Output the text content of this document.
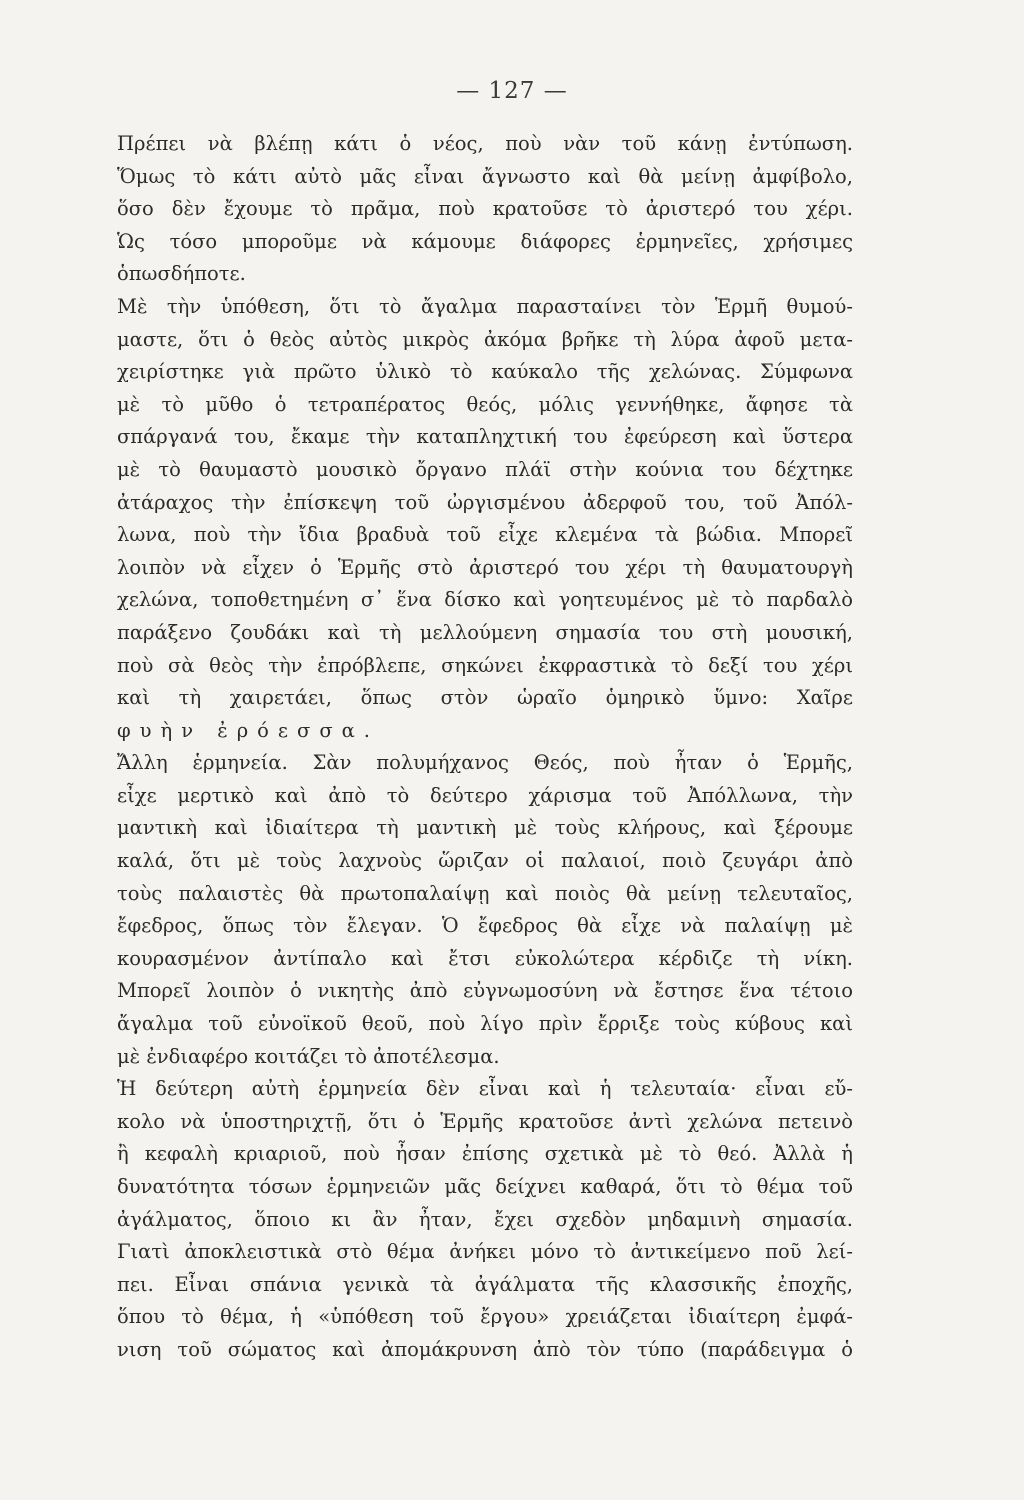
— 127 —
Πρέπει νὰ βλέπῃ κάτι ὁ νέος, ποὺ νὰν τοῦ κάνῃ ἐντύπωση.
Ὅμως τὸ κάτι αὐτὸ μᾶς εἶναι ἄγνωστο καὶ θὰ μείνῃ ἀμφίβολο,
ὅσο δὲν ἔχουμε τὸ πρᾶμα, ποὺ κρατοῦσε τὸ ἀριστερό του χέρι.
Ὡς τόσο μποροῦμε νὰ κάμουμε διάφορες ἑρμηνεῖες, χρήσιμες
ὁπωσδήποτε.
Μὲ τὴν ὑπόθεση, ὅτι τὸ ἄγαλμα παρασταίνει τὸν Ἑρμῆ θυμού-
μαστε, ὅτι ὁ θεὸς αὐτὸς μικρὸς ἀκόμα βρῆκε τὴ λύρα ἀφοῦ μετα-
χειρίστηκε γιὰ πρῶτο ὑλικὸ τὸ καύκαλο τῆς χελώνας. Σύμφωνα
μὲ τὸ μῦθο ὁ τετραπέρατος θεός, μόλις γεννήθηκε, ἄφησε τὰ
σπάργανά του, ἔκαμε τὴν καταπληχτική του ἐφεύρεση καὶ ὕστερα
μὲ τὸ θαυμαστὸ μουσικὸ ὄργανο πλάϊ στὴν κούνια του δέχτηκε
ἀτάραχος τὴν ἐπίσκεψη τοῦ ὠργισμένου ἀδερφοῦ του, τοῦ Ἀπόλ-
λωνα, ποὺ τὴν ἴδια βραδυὰ τοῦ εἶχε κλεμένα τὰ βώδια. Μπορεῖ
λοιπὸν νὰ εἶχεν ὁ Ἑρμῆς στὸ ἀριστερό του χέρι τὴ θαυματουργὴ
χελώνα, τοποθετημένη σ᾽ ἕνα δίσκο καὶ γοητευμένος μὲ τὸ παρδαλὸ
παράξενο ζουδάκι καὶ τὴ μελλούμενη σημασία του στὴ μουσική,
ποὺ σὰ θεὸς τὴν ἐπρόβλεπε, σηκώνει ἐκφραστικὰ τὸ δεξί του χέρι
καὶ τὴ χαιρετάει, ὅπως στὸν ὡραῖο ὁμηρικὸ ὕμνο: Χαῖρε
φυὴν ἐρόεσσα.
Ἄλλη ἑρμηνεία. Σὰν πολυμήχανος Θεός, ποὺ ἦταν ὁ Ἑρμῆς,
εἶχε μερτικὸ καὶ ἀπὸ τὸ δεύτερο χάρισμα τοῦ Ἀπόλλωνα, τὴν
μαντικὴ καὶ ἰδιαίτερα τὴ μαντικὴ μὲ τοὺς κλήρους, καὶ ξέρουμε
καλά, ὅτι μὲ τοὺς λαχνοὺς ὥριζαν οἱ παλαιοί, ποιὸ ζευγάρι ἀπὸ
τοὺς παλαιστὲς θὰ πρωτοπαλαίψῃ καὶ ποιὸς θὰ μείνῃ τελευταῖος,
ἔφεδρος, ὅπως τὸν ἔλεγαν. Ὁ ἔφεδρος θὰ εἶχε νὰ παλαίψῃ μὲ
κουρασμένον ἀντίπαλο καὶ ἔτσι εὐκολώτερα κέρδιζε τὴ νίκη.
Μπορεῖ λοιπὸν ὁ νικητὴς ἀπὸ εὐγνωμοσύνη νὰ ἔστησε ἕνα τέτοιο
ἄγαλμα τοῦ εὐνοϊκοῦ θεοῦ, ποὺ λίγο πρὶν ἔρριξε τοὺς κύβους καὶ
μὲ ἐνδιαφέρο κοιτάζει τὸ ἀποτέλεσμα.
Ἡ δεύτερη αὐτὴ ἑρμηνεία δὲν εἶναι καὶ ἡ τελευταία· εἶναι εὔ-
κολο νὰ ὑποστηριχτῇ, ὅτι ὁ Ἑρμῆς κρατοῦσε ἀντὶ χελώνα πετεινὸ
ἢ κεφαλὴ κριαριοῦ, ποὺ ἦσαν ἐπίσης σχετικὰ μὲ τὸ θεό. Ἀλλὰ ἡ
δυνατότητα τόσων ἑρμηνειῶν μᾶς δείχνει καθαρά, ὅτι τὸ θέμα τοῦ
ἀγάλματος, ὅποιο κι ἂν ἦταν, ἔχει σχεδὸν μηδαμινὴ σημασία.
Γιατὶ ἀποκλειστικὰ στὸ θέμα ἀνήκει μόνο τὸ ἀντικείμενο ποῦ λεί-
πει. Εἶναι σπάνια γενικὰ τὰ ἀγάλματα τῆς κλασσικῆς ἐποχῆς,
ὅπου τὸ θέμα, ἡ «ὑπόθεση τοῦ ἔργου» χρειάζεται ἰδιαίτερη ἐμφά-
νιση τοῦ σώματος καὶ ἀπομάκρυνση ἀπὸ τὸν τύπο (παράδειγμα ὁ
